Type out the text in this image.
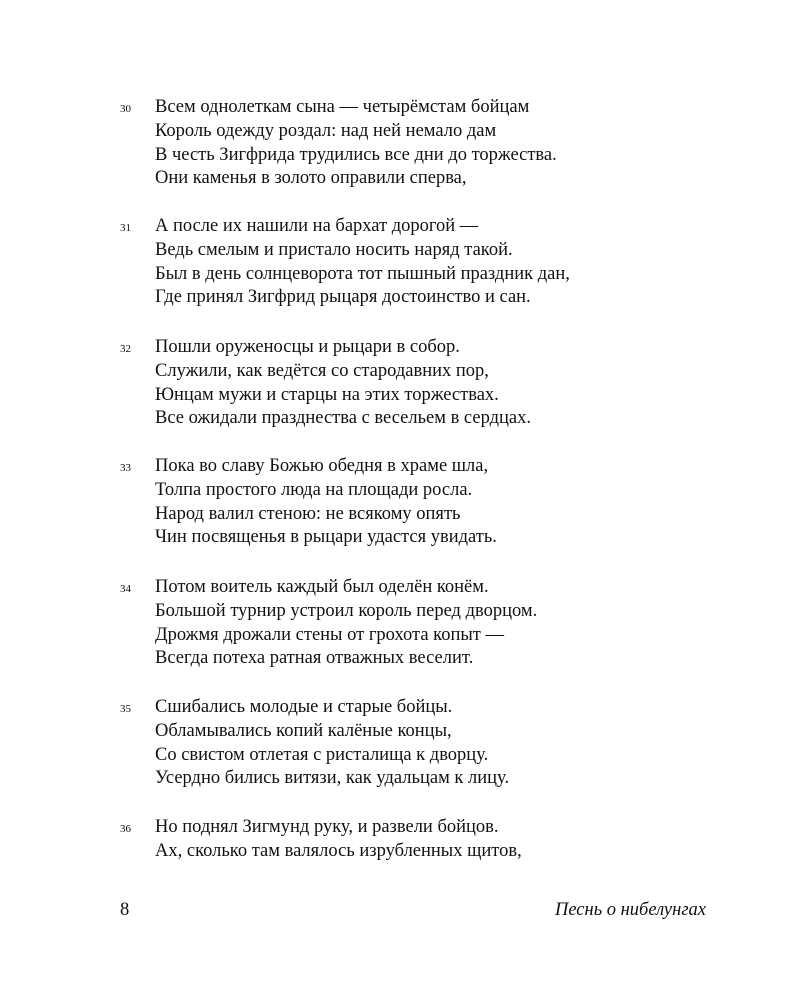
30 Всем однолеткам сына — четырёмстам бойцам
Король одежду роздал: над ней немало дам
В честь Зигфрида трудились все дни до торжества.
Они каменья в золото оправили сперва,
31 А после их нашили на бархат дорогой —
Ведь смелым и пристало носить наряд такой.
Был в день солнцеворота тот пышный праздник дан,
Где принял Зигфрид рыцаря достоинство и сан.
32 Пошли оруженосцы и рыцари в собор.
Служили, как ведётся со стародавних пор,
Юнцам мужи и старцы на этих торжествах.
Все ожидали празднества с весельем в сердцах.
33 Пока во славу Божью обедня в храме шла,
Толпа простого люда на площади росла.
Народ валил стеною: не всякому опять
Чин посвященья в рыцари удастся увидать.
34 Потом воитель каждый был оделён конём.
Большой турнир устроил король перед дворцом.
Дрожмя дрожали стены от грохота копыт —
Всегда потеха ратная отважных веселит.
35 Сшибались молодые и старые бойцы.
Обламывались копий калёные концы,
Со свистом отлетая с ристалища к дворцу.
Усердно бились витязи, как удальцам к лицу.
36 Но поднял Зигмунд руку, и развели бойцов.
Ах, сколько там валялось изрубленных щитов,
8	Песнь о нибелунгах
